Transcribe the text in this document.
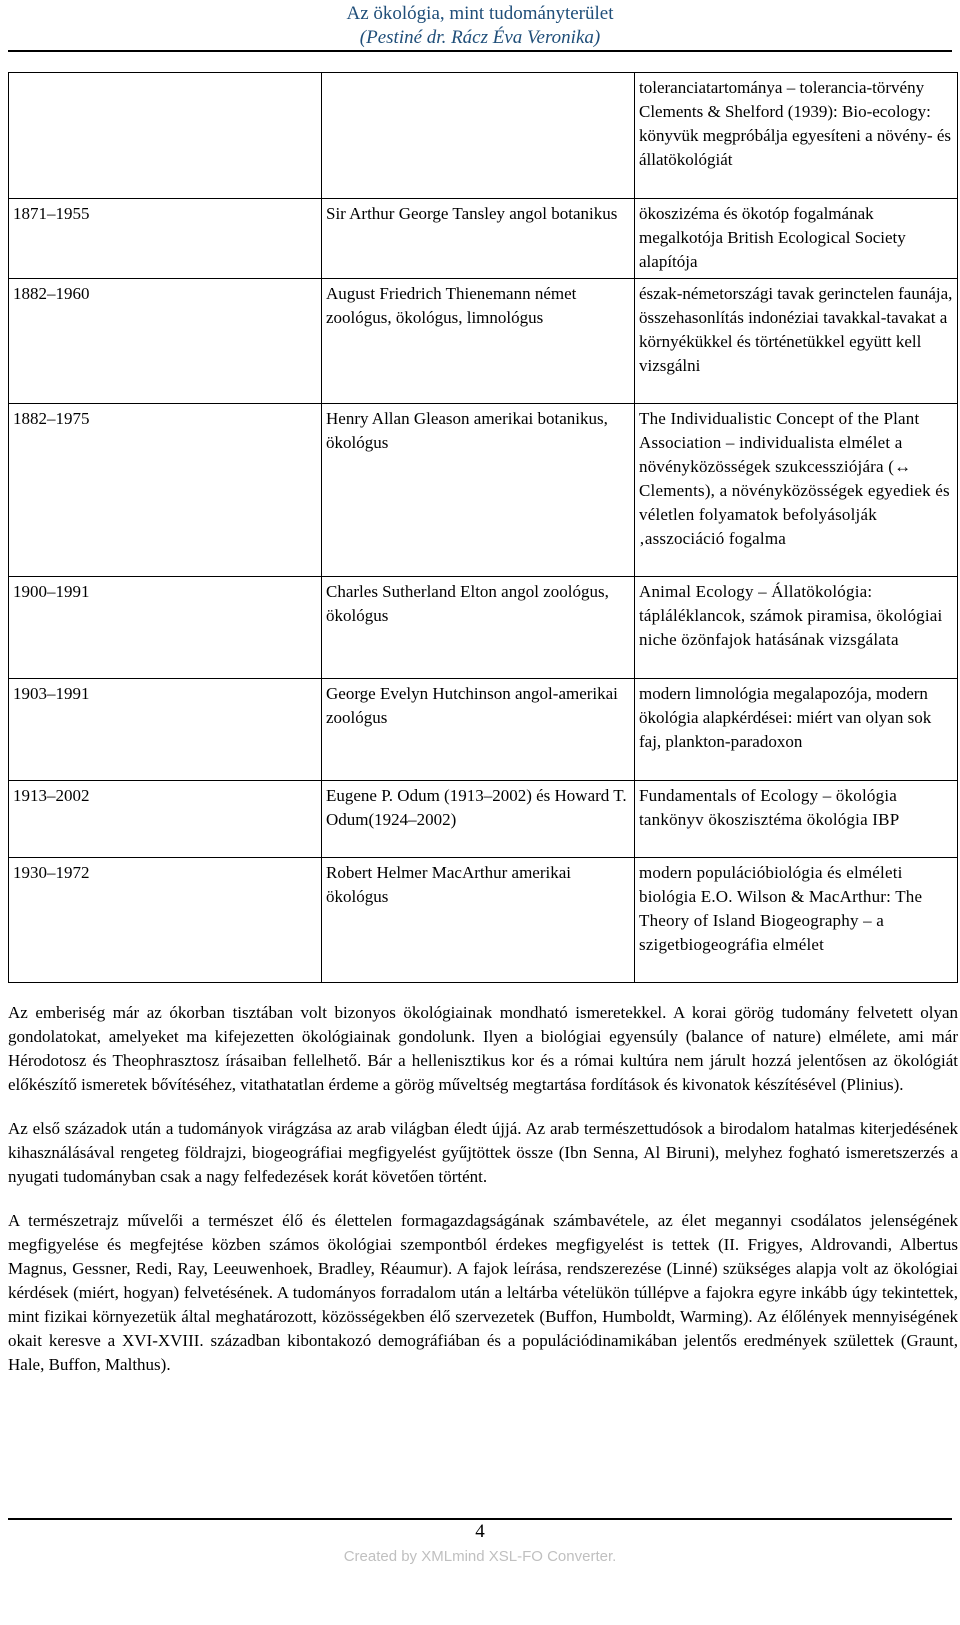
Az ökológia, mint tudományterület
(Pestiné dr. Rácz Éva Veronika)
		toleranciatartománya – tolerancia-törvény Clements & Shelford (1939): Bio-ecology: könyvük megpróbálja egyesíteni a növény- és állatökológiát
1871–1955	Sir Arthur George Tansley angol botanikus	ökoszizéma és ökotóp fogalmának megalkotója British Ecological Society alapítója
1882–1960	August Friedrich Thienemann német zoológus, ökológus, limnológus	észak-németországi tavak gerinctelen faunája, összehasonlítás indonéziai tavakkal-tavakat a környékükkel és történetükkel együtt kell vizsgálni
1882–1975	Henry Allan Gleason amerikai botanikus, ökológus	The Individualistic Concept of the Plant Association – individualista elmélet a növényközösségek szukcessziójára (↔ Clements), a növényközösségek egyediek és véletlen folyamatok befolyásolják ‚asszociáció fogalma
1900–1991	Charles Sutherland Elton angol zoológus, ökológus	Animal Ecology – Állatökológia: tápláléklancok, számok piramisa, ökológiai niche özönfajok hatásának vizsgálata
1903–1991	George Evelyn Hutchinson angol-amerikai zoológus	modern limnológia megalapozója, modern ökológia alapkérdései: miért van olyan sok faj, plankton-paradoxon
1913–2002	Eugene P. Odum (1913–2002) és Howard T. Odum(1924–2002)	Fundamentals of Ecology – ökológia tankönyv ökoszisztéma ökológia IBP
1930–1972	Robert Helmer MacArthur amerikai ökológus	modern populációbiológia és elméleti biológia E.O. Wilson & MacArthur: The Theory of Island Biogeography – a szigetbiogeográfia elmélet

Az emberiség már az ókorban tisztában volt bizonyos ökológiainak mondható ismeretekkel. A korai görög tudomány felvetett olyan gondolatokat, amelyeket ma kifejezetten ökológiainak gondolunk. Ilyen a biológiai egyensúly (balance of nature) elmélete, ami már Hérodotosz és Theophrasztosz írásaiban fellelhető. Bár a hellenisztikus kor és a római kultúra nem járult hozzá jelentősen az ökológiát előkészítő ismeretek bővítéséhez, vitathatatlan érdeme a görög műveltség megtartása fordítások és kivonatok készítésével (Plinius).

Az első századok után a tudományok virágzása az arab világban éledt újjá. Az arab természettudósok a birodalom hatalmas kiterjedésének kihasználásával rengeteg földrajzi, biogeográfiai megfigyelést gyűjtöttek össze (Ibn Senna, Al Biruni), melyhez fogható ismeretszerzés a nyugati tudományban csak a nagy felfedezések korát követően történt.

A természetrajz művelői a természet élő és élettelen formagazdagságának számbavétele, az élet megannyi csodálatos jelenségének megfigyelése és megfejtése közben számos ökológiai szempontból érdekes megfigyelést is tettek (II. Frigyes, Aldrovandi, Albertus Magnus, Gessner, Redi, Ray, Leeuwenhoek, Bradley, Réaumur). A fajok leírása, rendszerezése (Linné) szükséges alapja volt az ökológiai kérdések (miért, hogyan) felvetésének. A tudományos forradalom után a leltárba vételükön túllépve a fajokra egyre inkább úgy tekintettek, mint fizikai környezetük által meghatározott, közösségekben élő szervezetek (Buffon, Humboldt, Warming). Az élőlények mennyiségének okait keresve a XVI-XVIII. században kibontakozó demográfiában és a populációdinamikában jelentős eredmények születtek (Graunt, Hale, Buffon, Malthus).

4
Created by XMLmind XSL-FO Converter.
